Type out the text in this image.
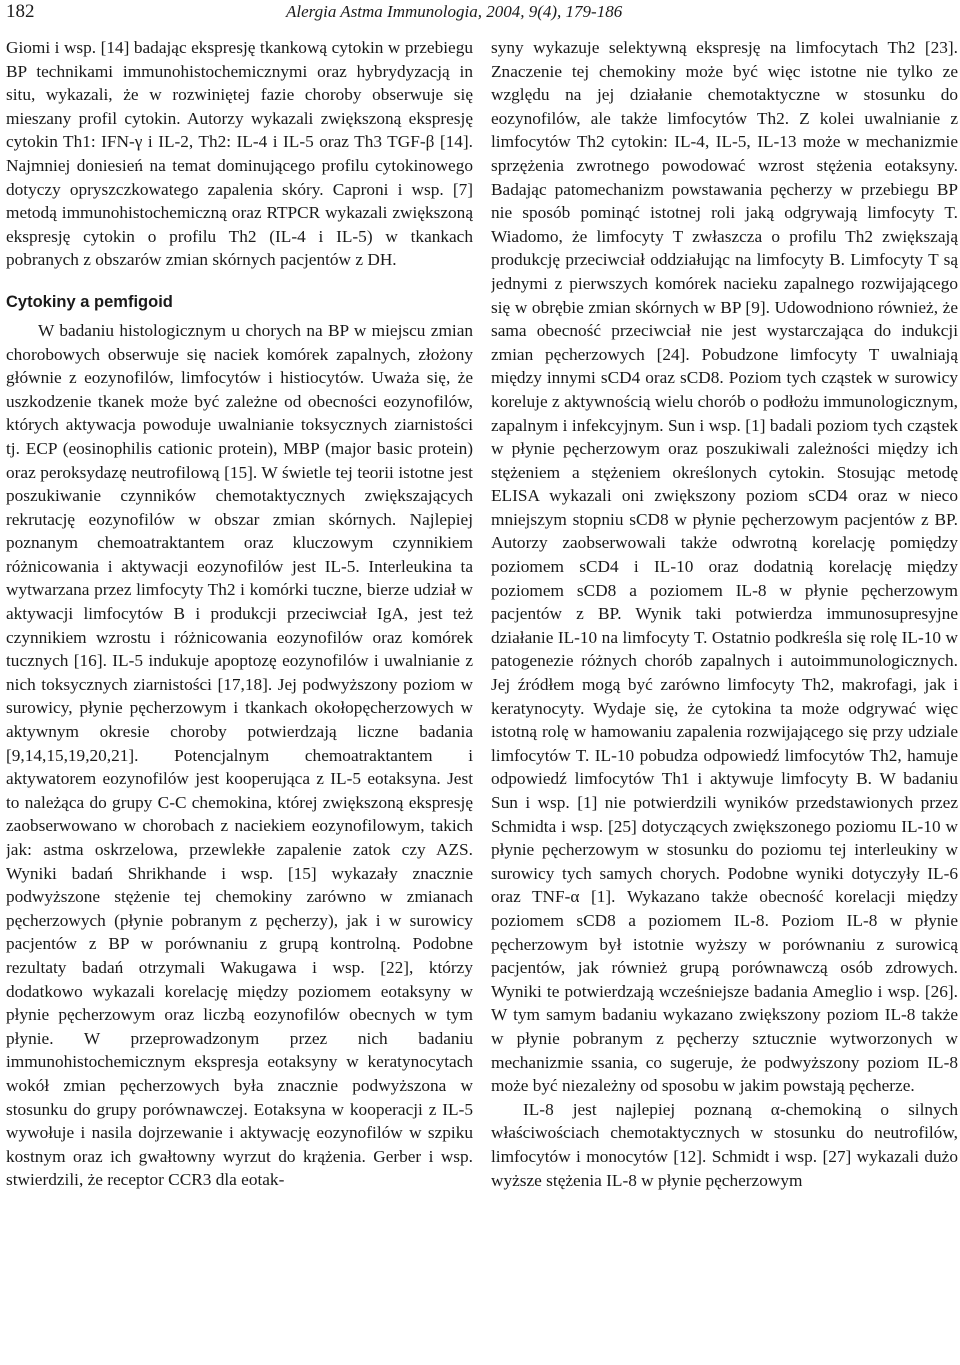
182	Alergia Astma Immunologia, 2004, 9(4), 179-186

Giomi i wsp. [14] badając ekspresję tkankową cytokin w przebiegu BP technikami immunohistochemicznymi oraz hybrydyzacją in situ, wykazali, że w rozwiniętej fazie choroby obserwuje się mieszany profil cytokin. Autorzy wykazali zwiększoną ekspresję cytokin Th1: IFN-γ i IL-2, Th2: IL-4 i IL-5 oraz Th3 TGF-β [14]. Najmniej doniesień na temat dominującego profilu cytokinowego dotyczy opryszczkowatego zapalenia skóry. Caproni i wsp. [7] metodą immunohistochemiczną oraz RTPCR wykazali zwiększoną ekspresję cytokin o profilu Th2 (IL-4 i IL-5) w tkankach pobranych z obszarów zmian skórnych pacjentów z DH.

Cytokiny a pemfigoid

W badaniu histologicznym u chorych na BP w miejscu zmian chorobowych obserwuje się naciek komórek zapalnych, złożony głównie z eozynofilów, limfocytów i histiocytów. Uważa się, że uszkodzenie tkanek może być zależne od obecności eozynofilów, których aktywacja powoduje uwalnianie toksycznych ziarnistości tj. ECP (eosinophilis cationic protein), MBP (major basic protein) oraz peroksydazę neutrofilową [15]. W świetle tej teorii istotne jest poszukiwanie czynników chemotaktycznych zwiększających rekrutację eozynofilów w obszar zmian skórnych. Najlepiej poznanym chemoatraktantem oraz kluczowym czynnikiem różnicowania i aktywacji eozynofilów jest IL-5. Interleukina ta wytwarzana przez limfocyty Th2 i komórki tuczne, bierze udział w aktywacji limfocytów B i produkcji przeciwciał IgA, jest też czynnikiem wzrostu i różnicowania eozynofilów oraz komórek tucznych [16]. IL-5 indukuje apoptozę eozynofilów i uwalnianie z nich toksycznych ziarnistości [17,18]. Jej podwyższony poziom w surowicy, płynie pęcherzowym i tkankach okołopęcherzowych w aktywnym okresie choroby potwierdzają liczne badania [9,14,15,19,20,21]. Potencjalnym chemoatraktantem i aktywatorem eozynofilów jest kooperująca z IL-5 eotaksyna. Jest to należąca do grupy C-C chemokina, której zwiększoną ekspresję zaobserwowano w chorobach z naciekiem eozynofilowym, takich jak: astma oskrzelowa, przewlekłe zapalenie zatok czy AZS. Wyniki badań Shrikhande i wsp. [15] wykazały znacznie podwyższone stężenie tej chemokiny zarówno w zmianach pęcherzowych (płynie pobranym z pęcherzy), jak i w surowicy pacjentów z BP w porównaniu z grupą kontrolną. Podobne rezultaty badań otrzymali Wakugawa i wsp. [22], którzy dodatkowo wykazali korelację między poziomem eotaksyny w płynie pęcherzowym oraz liczbą eozynofilów obecnych w tym płynie. W przeprowadzonym przez nich badaniu immunohistochemicznym ekspresja eotaksyny w keratynocytach wokół zmian pęcherzowych była znacznie podwyższona w stosunku do grupy porównawczej. Eotaksyna w kooperacji z IL-5 wywołuje i nasila dojrzewanie i aktywację eozynofilów w szpiku kostnym oraz ich gwałtowny wyrzut do krążenia. Gerber i wsp. stwierdzili, że receptor CCR3 dla eotak-

syny wykazuje selektywną ekspresję na limfocytach Th2 [23]. Znaczenie tej chemokiny może być więc istotne nie tylko ze względu na jej działanie chemotaktyczne w stosunku do eozynofilów, ale także limfocytów Th2. Z kolei uwalnianie z limfocytów Th2 cytokin: IL-4, IL-5, IL-13 może w mechanizmie sprzężenia zwrotnego powodować wzrost stężenia eotaksyny. Badając patomechanizm powstawania pęcherzy w przebiegu BP nie sposób pominąć istotnej roli jaką odgrywają limfocyty T. Wiadomo, że limfocyty T zwłaszcza o profilu Th2 zwiększają produkcję przeciwciał oddziałując na limfocyty B. Limfocyty T są jednymi z pierwszych komórek nacieku zapalnego rozwijającego się w obrębie zmian skórnych w BP [9]. Udowodniono również, że sama obecność przeciwciał nie jest wystarczająca do indukcji zmian pęcherzowych [24]. Pobudzone limfocyty T uwalniają między innymi sCD4 oraz sCD8. Poziom tych cząstek w surowicy koreluje z aktywnością wielu chorób o podłożu immunologicznym, zapalnym i infekcyjnym. Sun i wsp. [1] badali poziom tych cząstek w płynie pęcherzowym oraz poszukiwali zależności między ich stężeniem a stężeniem określonych cytokin. Stosując metodę ELISA wykazali oni zwiększony poziom sCD4 oraz w nieco mniejszym stopniu sCD8 w płynie pęcherzowym pacjentów z BP. Autorzy zaobserwowali także odwrotną korelację pomiędzy poziomem sCD4 i IL-10 oraz dodatnią korelację między poziomem sCD8 a poziomem IL-8 w płynie pęcherzowym pacjentów z BP. Wynik taki potwierdza immunosupresyjne działanie IL-10 na limfocyty T. Ostatnio podkreśla się rolę IL-10 w patogenezie różnych chorób zapalnych i autoimmunologicznych. Jej źródłem mogą być zarówno limfocyty Th2, makrofagi, jak i keratynocyty. Wydaje się, że cytokina ta może odgrywać więc istotną rolę w hamowaniu zapalenia rozwijającego się przy udziale limfocytów T. IL-10 pobudza odpowiedź limfocytów Th2, hamuje odpowiedź limfocytów Th1 i aktywuje limfocyty B. W badaniu Sun i wsp. [1] nie potwierdzili wyników przedstawionych przez Schmidta i wsp. [25] dotyczących zwiększonego poziomu IL-10 w płynie pęcherzowym w stosunku do poziomu tej interleukiny w surowicy tych samych chorych. Podobne wyniki dotyczyły IL-6 oraz TNF-α [1]. Wykazano także obecność korelacji między poziomem sCD8 a poziomem IL-8. Poziom IL-8 w płynie pęcherzowym był istotnie wyższy w porównaniu z surowicą pacjentów, jak również grupą porównawczą osób zdrowych. Wyniki te potwierdzają wcześniejsze badania Ameglio i wsp. [26]. W tym samym badaniu wykazano zwiększony poziom IL-8 także w płynie pobranym z pęcherzy sztucznie wytworzonych w mechanizmie ssania, co sugeruje, że podwyższony poziom IL-8 może być niezależny od sposobu w jakim powstają pęcherze.

IL-8 jest najlepiej poznaną α-chemokiną o silnych właściwościach chemotaktycznych w stosunku do neutrofilów, limfocytów i monocytów [12]. Schmidt i wsp. [27] wykazali dużo wyższe stężenia IL-8 w płynie pęcherzowym
